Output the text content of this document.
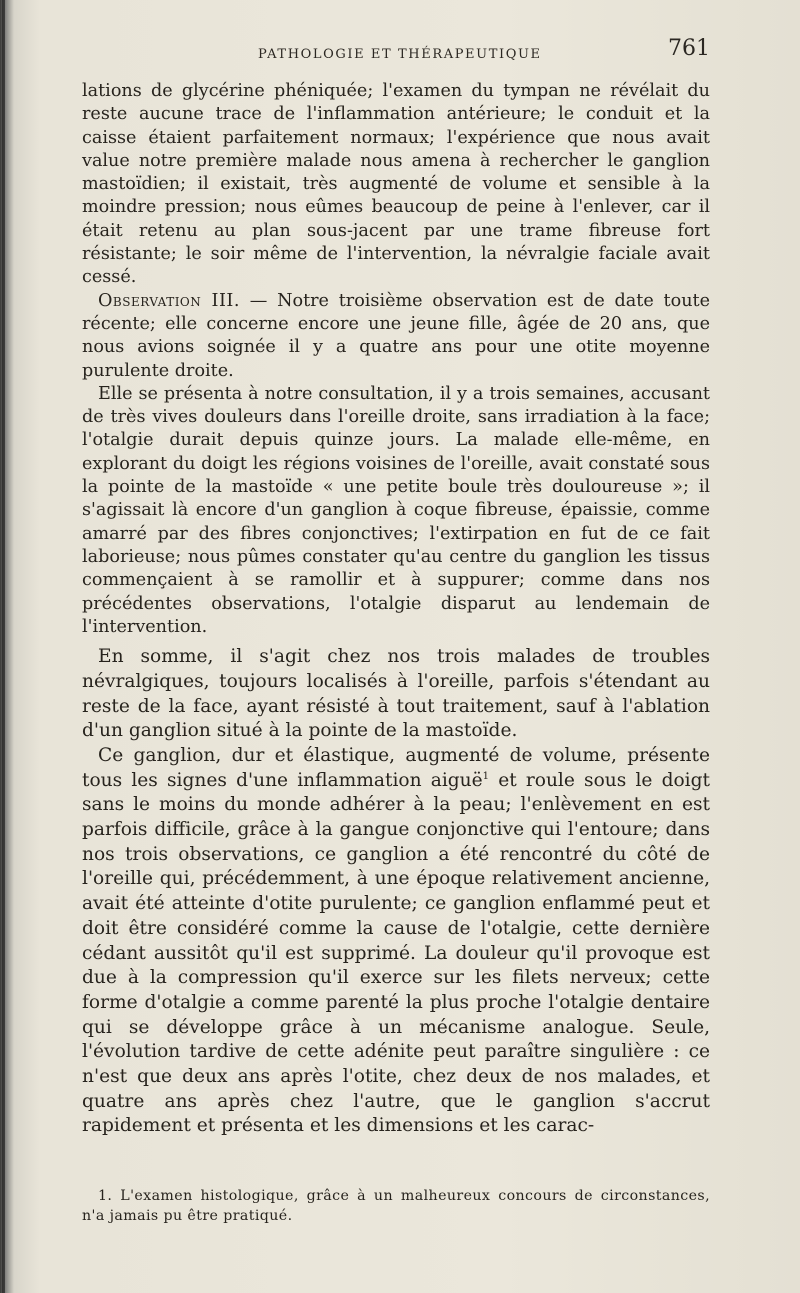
PATHOLOGIE ET THÉRAPEUTIQUE	761

lations de glycérine phéniquée; l'examen du tympan ne révélait du reste aucune trace de l'inflammation antérieure; le conduit et la caisse étaient parfaitement normaux; l'expérience que nous avait value notre première malade nous amena à rechercher le ganglion mastoïdien; il existait, très augmenté de volume et sensible à la moindre pression; nous eûmes beaucoup de peine à l'enlever, car il était retenu au plan sous-jacent par une trame fibreuse fort résistante; le soir même de l'intervention, la névralgie faciale avait cessé.

Observation III. — Notre troisième observation est de date toute récente; elle concerne encore une jeune fille, âgée de 20 ans, que nous avions soignée il y a quatre ans pour une otite moyenne purulente droite.

Elle se présenta à notre consultation, il y a trois semaines, accusant de très vives douleurs dans l'oreille droite, sans irradiation à la face; l'otalgie durait depuis quinze jours. La malade elle-même, en explorant du doigt les régions voisines de l'oreille, avait constaté sous la pointe de la mastoïde « une petite boule très douloureuse »; il s'agissait là encore d'un ganglion à coque fibreuse, épaissie, comme amarré par des fibres conjonctives; l'extirpation en fut de ce fait laborieuse; nous pûmes constater qu'au centre du ganglion les tissus commençaient à se ramollir et à suppurer; comme dans nos précédentes observations, l'otalgie disparut au lendemain de l'intervention.

En somme, il s'agit chez nos trois malades de troubles névralgiques, toujours localisés à l'oreille, parfois s'étendant au reste de la face, ayant résisté à tout traitement, sauf à l'ablation d'un ganglion situé à la pointe de la mastoïde.

Ce ganglion, dur et élastique, augmenté de volume, présente tous les signes d'une inflammation aiguë$^1$ et roule sous le doigt sans le moins du monde adhérer à la peau; l'enlèvement en est parfois difficile, grâce à la gangue conjonctive qui l'entoure; dans nos trois observations, ce ganglion a été rencontré du côté de l'oreille qui, précédemment, à une époque relativement ancienne, avait été atteinte d'otite purulente; ce ganglion enflammé peut et doit être considéré comme la cause de l'otalgie, cette dernière cédant aussitôt qu'il est supprimé. La douleur qu'il provoque est due à la compression qu'il exerce sur les filets nerveux; cette forme d'otalgie a comme parenté la plus proche l'otalgie dentaire qui se développe grâce à un mécanisme analogue. Seule, l'évolution tardive de cette adénite peut paraître singulière : ce n'est que deux ans après l'otite, chez deux de nos malades, et quatre ans après chez l'autre, que le ganglion s'accrut rapidement et présenta et les dimensions et les carac-

1. L'examen histologique, grâce à un malheureux concours de circonstances, n'a jamais pu être pratiqué.
